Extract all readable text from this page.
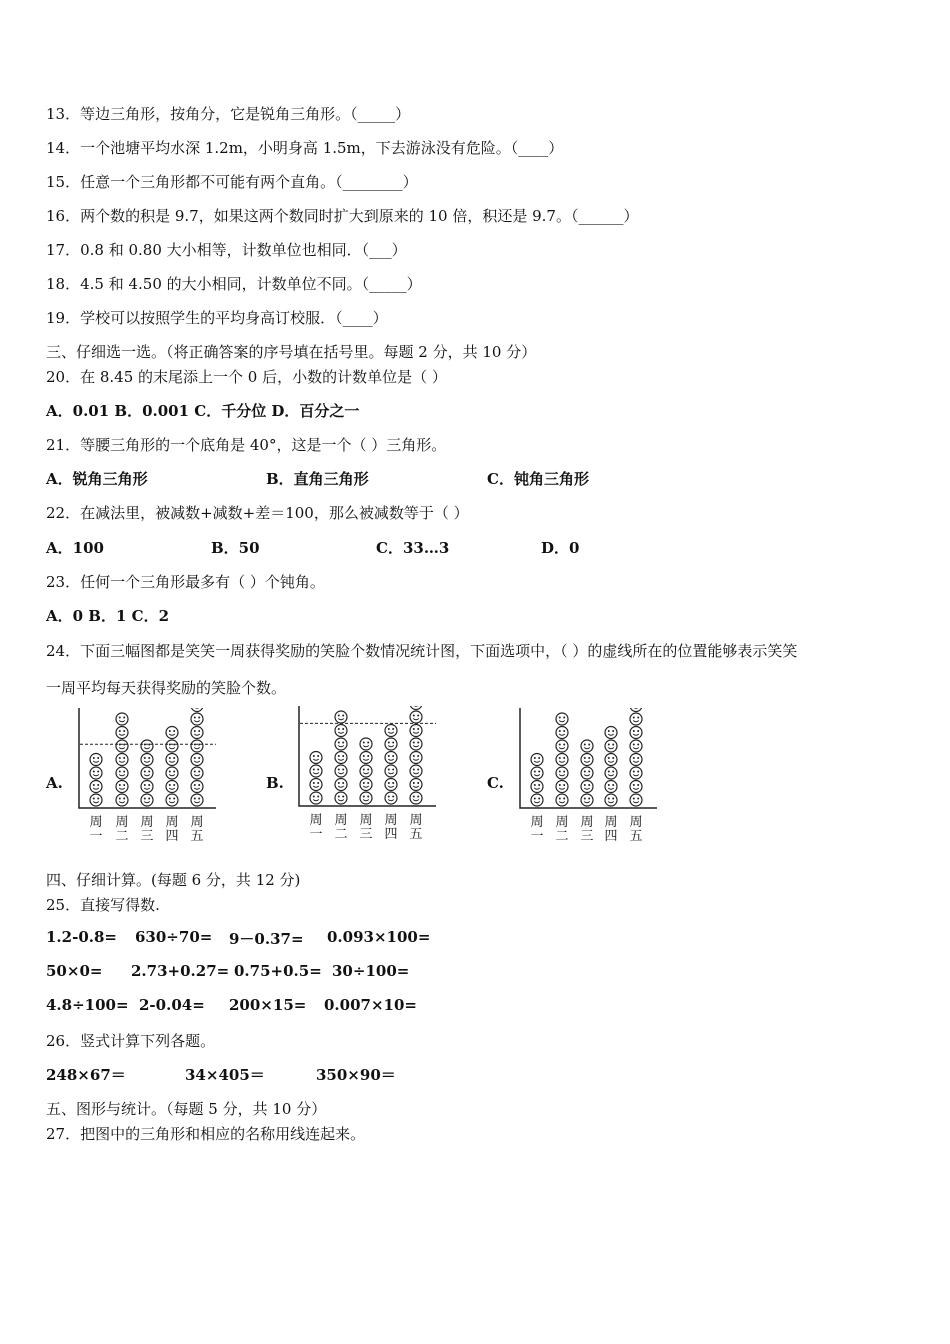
13．等边三角形，按角分，它是锐角三角形。（_____）
14．一个池塘平均水深 1.2m，小明身高 1.5m，下去游泳没有危险。（____）
15．任意一个三角形都不可能有两个直角。（________）
16．两个数的积是 9.7，如果这两个数同时扩大到原来的 10 倍，积还是 9.7。（______）
17．0.8 和 0.80 大小相等，计数单位也相同．（___）
18．4.5 和 4.50 的大小相同，计数单位不同。（_____）
19．学校可以按照学生的平均身高订校服．（____）
三、仔细选一选。（将正确答案的序号填在括号里。每题 2 分，共 10 分）
20．在 8.45 的末尾添上一个 0 后，小数的计数单位是（ ）
A．0.01 B．0.001 C．千分位 D．百分之一
21．等腰三角形的一个底角是 40°，这是一个（ ）三角形。
A．锐角三角形	B．直角三角形	C．钝角三角形
22．在减法里，被减数+减数+差＝100，那么被减数等于（ ）
A．100	B．50	C．33…3	D．0
23．任何一个三角形最多有（ ）个钝角。
A．0 B．1 C．2
24．下面三幅图都是笑笑一周获得奖励的笑脸个数情况统计图，下面选项中，（ ）的虚线所在的位置能够表示笑笑
一周平均每天获得奖励的笑脸个数。
A.
周
一
周
二
周
三
周
四
周
五
B.
周
一
周
二
周
三
周
四
周
五
C.
周
一
周
二
周
三
周
四
周
五
四、仔细计算。(每题 6 分，共 12 分)
25．直接写得数.
1.2-0.8= 630÷70= 9－0.37= 0.093×100=
50×0= 2.73+0.27= 0.75+0.5= 30÷100=
4.8÷100= 2-0.04= 200×15= 0.007×10=
26．竖式计算下列各题。
248×67＝	34×405＝	350×90＝
五、图形与统计。（每题 5 分，共 10 分）
27．把图中的三角形和相应的名称用线连起来。
